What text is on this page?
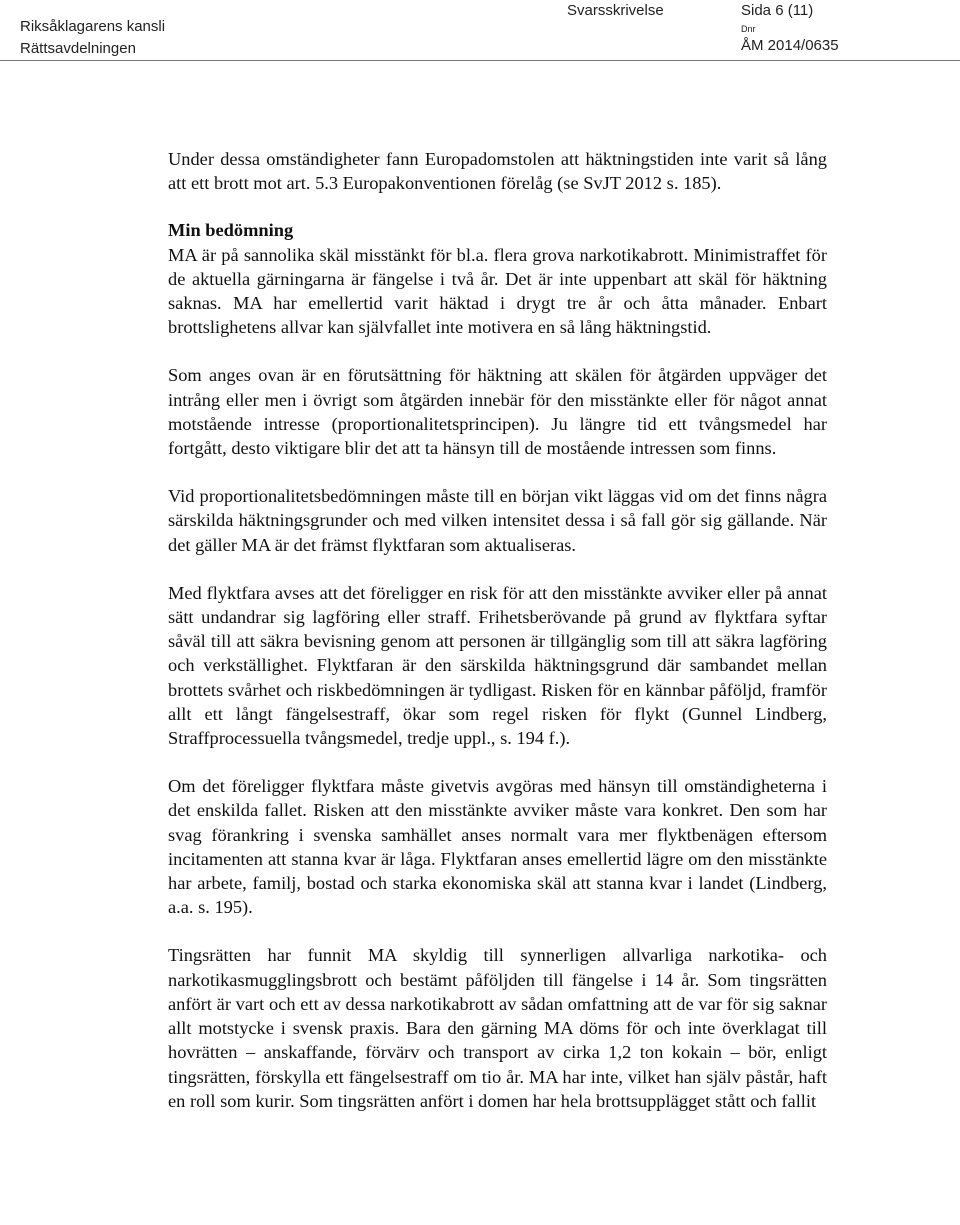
Riksåklagarens kansli
Rättsavdelningen
Svarsskrivelse	Sida 6 (11)
Dnr
ÅM 2014/0635

Under dessa omständigheter fann Europadomstolen att häktningstiden inte varit så lång att ett brott mot art. 5.3 Europakonventionen förelåg (se SvJT 2012 s. 185).

Min bedömning

MA är på sannolika skäl misstänkt för bl.a. flera grova narkotikabrott. Minimistraffet för de aktuella gärningarna är fängelse i två år. Det är inte uppenbart att skäl för häktning saknas. MA har emellertid varit häktad i drygt tre år och åtta månader. Enbart brottslighetens allvar kan självfallet inte motivera en så lång häktningstid.

Som anges ovan är en förutsättning för häktning att skälen för åtgärden uppväger det intrång eller men i övrigt som åtgärden innebär för den misstänkte eller för något annat motstående intresse (proportionalitetsprincipen). Ju längre tid ett tvångsmedel har fortgått, desto viktigare blir det att ta hänsyn till de mostående intressen som finns.

Vid proportionalitetsbedömningen måste till en början vikt läggas vid om det finns några särskilda häktningsgrunder och med vilken intensitet dessa i så fall gör sig gällande. När det gäller MA är det främst flyktfaran som aktualiseras.

Med flyktfara avses att det föreligger en risk för att den misstänkte avviker eller på annat sätt undandrar sig lagföring eller straff. Frihetsberövande på grund av flyktfara syftar såväl till att säkra bevisning genom att personen är tillgänglig som till att säkra lagföring och verkställighet. Flyktfaran är den särskilda häktningsgrund där sambandet mellan brottets svårhet och riskbedömningen är tydligast. Risken för en kännbar påföljd, framför allt ett långt fängelsestraff, ökar som regel risken för flykt (Gunnel Lindberg, Straffprocessuella tvångsmedel, tredje uppl., s. 194 f.).

Om det föreligger flyktfara måste givetvis avgöras med hänsyn till omständigheterna i det enskilda fallet. Risken att den misstänkte avviker måste vara konkret. Den som har svag förankring i svenska samhället anses normalt vara mer flyktbenägen eftersom incitamenten att stanna kvar är låga. Flyktfaran anses emellertid lägre om den misstänkte har arbete, familj, bostad och starka ekonomiska skäl att stanna kvar i landet (Lindberg, a.a. s. 195).

Tingsrätten har funnit MA skyldig till synnerligen allvarliga narkotika- och narkotikasmugglingsbrott och bestämt påföljden till fängelse i 14 år. Som tingsrätten anfört är vart och ett av dessa narkotikabrott av sådan omfattning att de var för sig saknar allt motstycke i svensk praxis. Bara den gärning MA döms för och inte överklagat till hovrätten – anskaffande, förvärv och transport av cirka 1,2 ton kokain – bör, enligt tingsrätten, förskylla ett fängelsestraff om tio år. MA har inte, vilket han själv påstår, haft en roll som kurir. Som tingsrätten anfört i domen har hela brottsupplägget stått och fallit
